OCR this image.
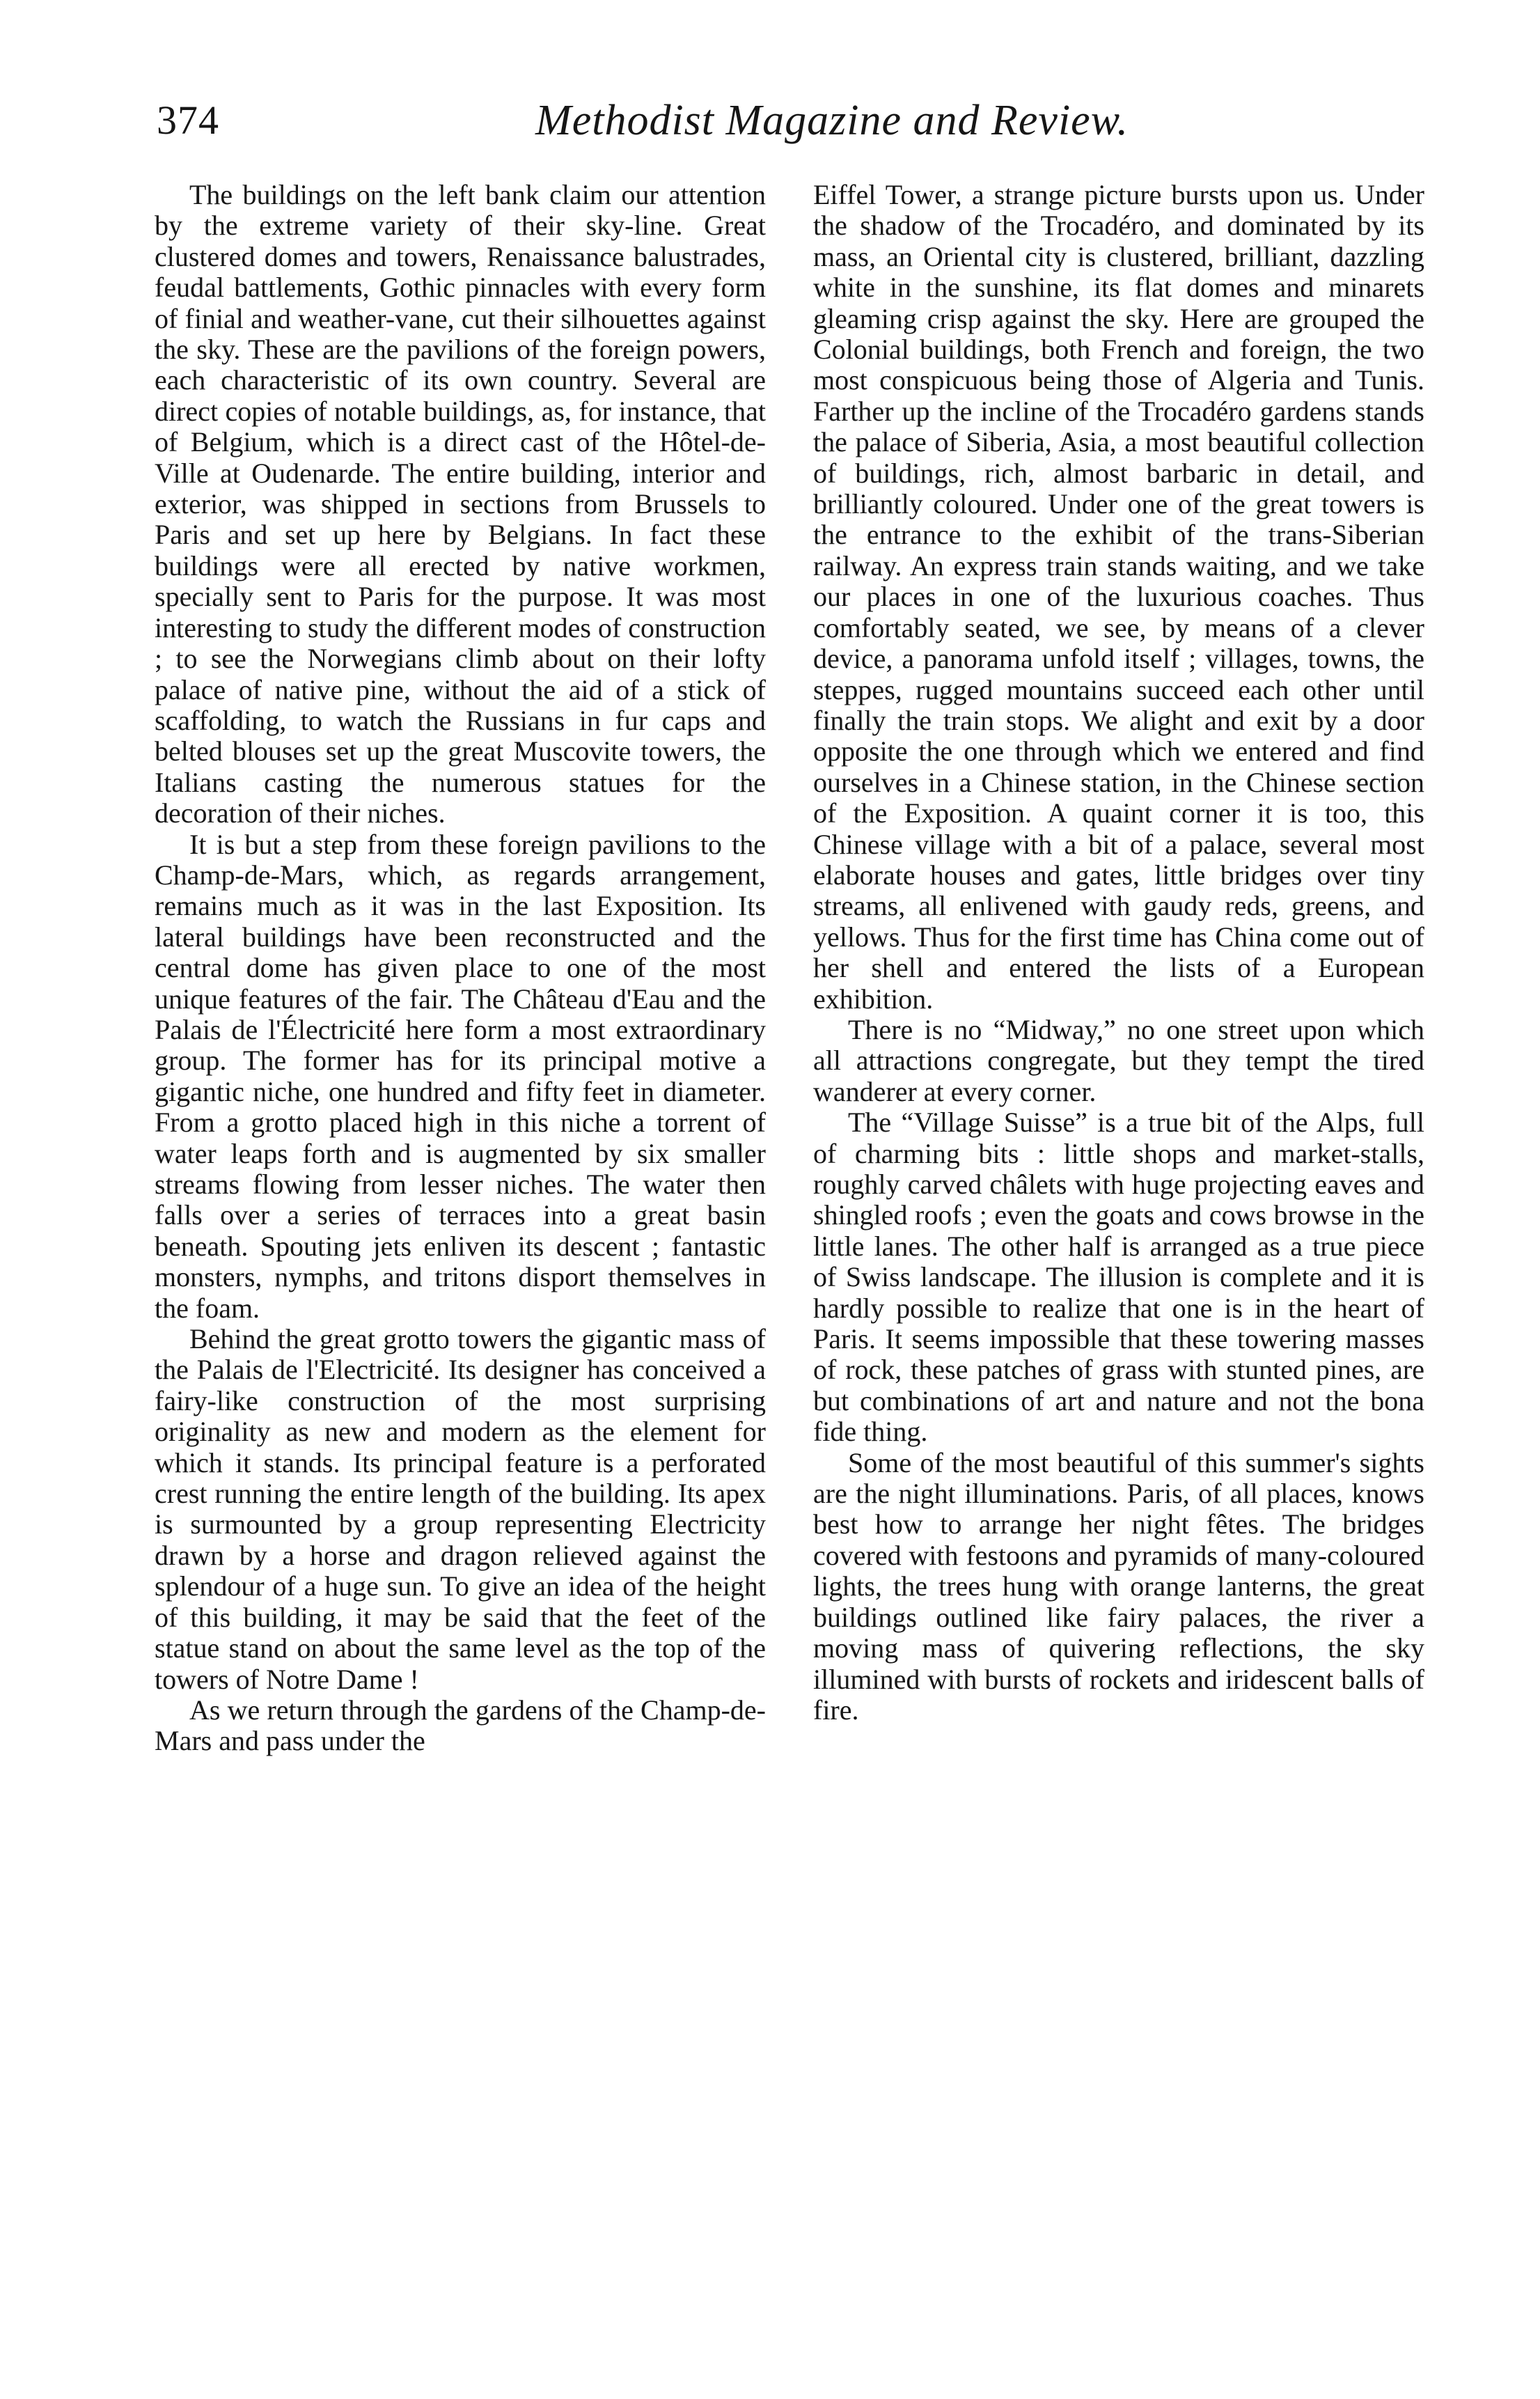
374	Methodist Magazine and Review.

The buildings on the left bank claim our attention by the extreme variety of their sky-line. Great clustered domes and towers, Renaissance balustrades, feudal battlements, Gothic pinnacles with every form of finial and weather-vane, cut their silhouettes against the sky. These are the pavilions of the foreign powers, each characteristic of its own country. Several are direct copies of notable buildings, as, for instance, that of Belgium, which is a direct cast of the Hôtel-de-Ville at Oudenarde. The entire building, interior and exterior, was shipped in sections from Brussels to Paris and set up here by Belgians. In fact these buildings were all erected by native workmen, specially sent to Paris for the purpose. It was most interesting to study the different modes of construction ; to see the Norwegians climb about on their lofty palace of native pine, without the aid of a stick of scaffolding, to watch the Russians in fur caps and belted blouses set up the great Muscovite towers, the Italians casting the numerous statues for the decoration of their niches.

It is but a step from these foreign pavilions to the Champ-de-Mars, which, as regards arrangement, remains much as it was in the last Exposition. Its lateral buildings have been reconstructed and the central dome has given place to one of the most unique features of the fair. The Château d'Eau and the Palais de l'Électricité here form a most extraordinary group. The former has for its principal motive a gigantic niche, one hundred and fifty feet in diameter. From a grotto placed high in this niche a torrent of water leaps forth and is augmented by six smaller streams flowing from lesser niches. The water then falls over a series of terraces into a great basin beneath. Spouting jets enliven its descent ; fantastic monsters, nymphs, and tritons disport themselves in the foam.

Behind the great grotto towers the gigantic mass of the Palais de l'Electricité. Its designer has conceived a fairy-like construction of the most surprising originality as new and modern as the element for which it stands. Its principal feature is a perforated crest running the entire length of the building. Its apex is surmounted by a group representing Electricity drawn by a horse and dragon relieved against the splendour of a huge sun. To give an idea of the height of this building, it may be said that the feet of the statue stand on about the same level as the top of the towers of Notre Dame !

As we return through the gardens of the Champ-de-Mars and pass under the

Eiffel Tower, a strange picture bursts upon us. Under the shadow of the Trocadéro, and dominated by its mass, an Oriental city is clustered, brilliant, dazzling white in the sunshine, its flat domes and minarets gleaming crisp against the sky. Here are grouped the Colonial buildings, both French and foreign, the two most conspicuous being those of Algeria and Tunis. Farther up the incline of the Trocadéro gardens stands the palace of Siberia, Asia, a most beautiful collection of buildings, rich, almost barbaric in detail, and brilliantly coloured. Under one of the great towers is the entrance to the exhibit of the trans-Siberian railway. An express train stands waiting, and we take our places in one of the luxurious coaches. Thus comfortably seated, we see, by means of a clever device, a panorama unfold itself ; villages, towns, the steppes, rugged mountains succeed each other until finally the train stops. We alight and exit by a door opposite the one through which we entered and find ourselves in a Chinese station, in the Chinese section of the Exposition. A quaint corner it is too, this Chinese village with a bit of a palace, several most elaborate houses and gates, little bridges over tiny streams, all enlivened with gaudy reds, greens, and yellows. Thus for the first time has China come out of her shell and entered the lists of a European exhibition.

There is no “Midway,” no one street upon which all attractions congregate, but they tempt the tired wanderer at every corner.

The “Village Suisse” is a true bit of the Alps, full of charming bits : little shops and market-stalls, roughly carved châlets with huge projecting eaves and shingled roofs ; even the goats and cows browse in the little lanes. The other half is arranged as a true piece of Swiss landscape. The illusion is complete and it is hardly possible to realize that one is in the heart of Paris. It seems impossible that these towering masses of rock, these patches of grass with stunted pines, are but combinations of art and nature and not the bona fide thing.

Some of the most beautiful of this summer's sights are the night illuminations. Paris, of all places, knows best how to arrange her night fêtes. The bridges covered with festoons and pyramids of many-coloured lights, the trees hung with orange lanterns, the great buildings outlined like fairy palaces, the river a moving mass of quivering reflections, the sky illumined with bursts of rockets and iridescent balls of fire.
